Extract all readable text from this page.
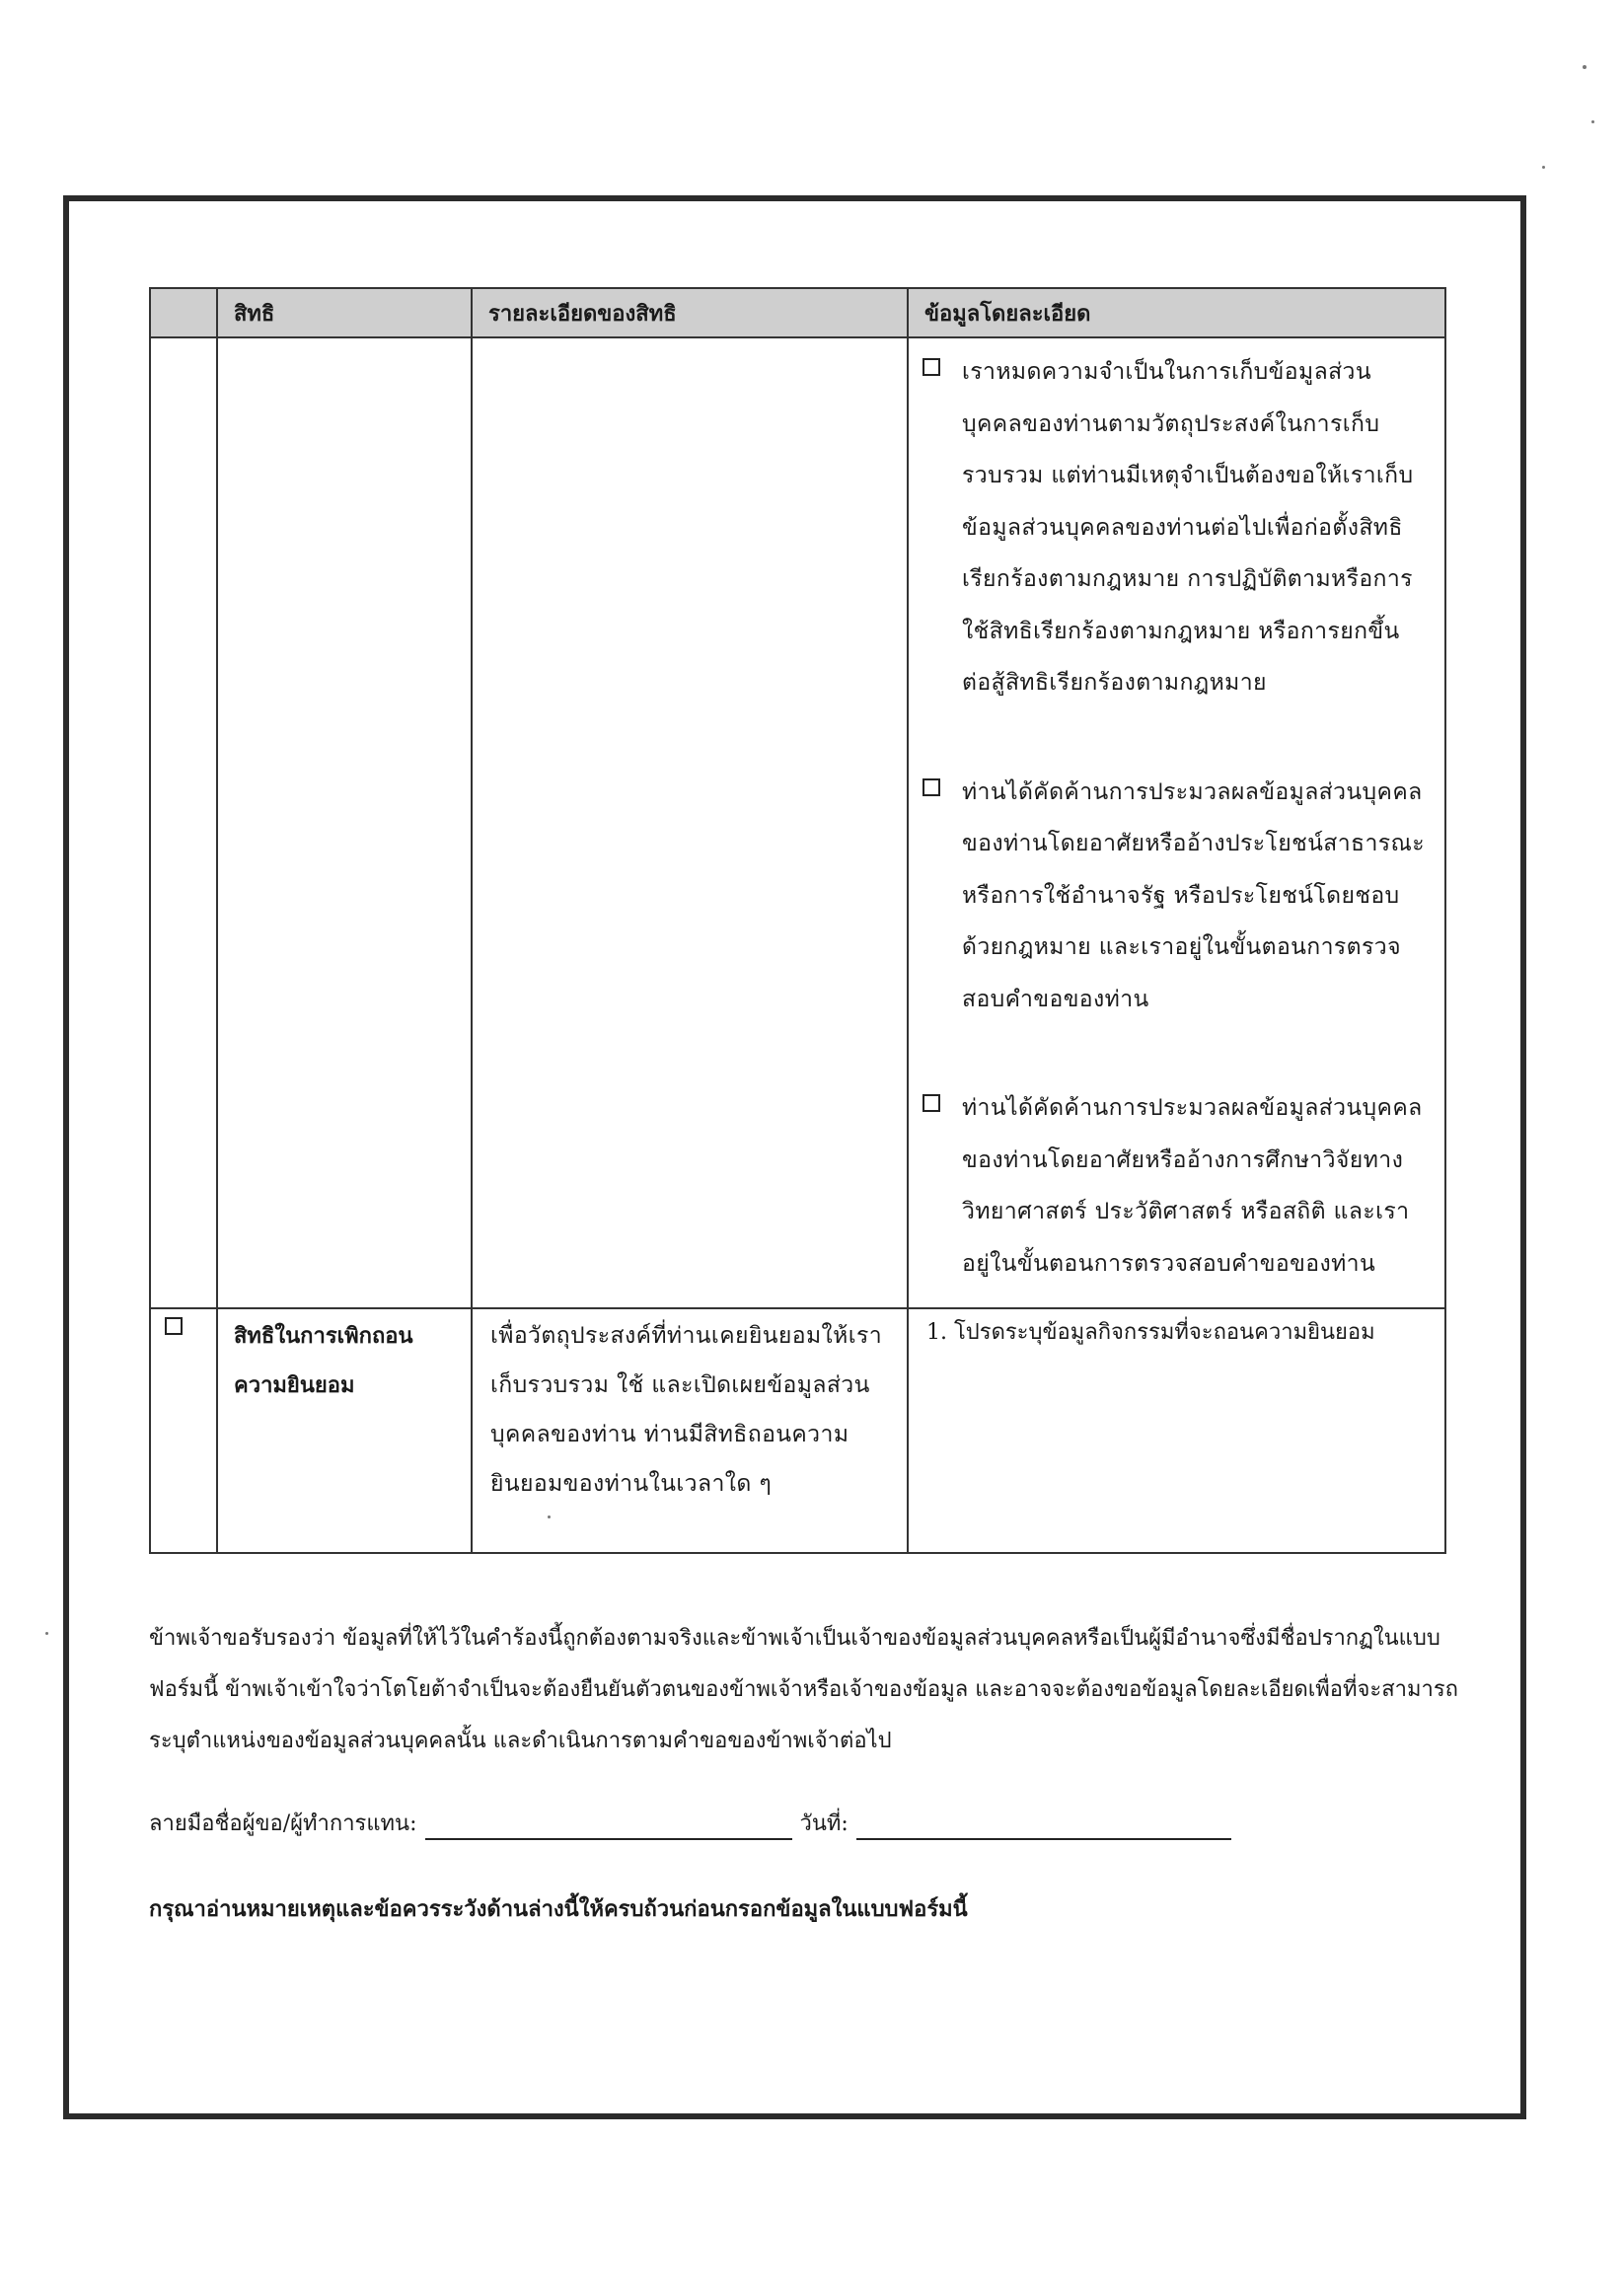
	สิทธิ	รายละเอียดของสิทธิ	ข้อมูลโดยละเอียด

			เราหมดความจำเป็นในการเก็บข้อมูลส่วนบุคคลของท่านตามวัตถุประสงค์ในการเก็บรวบรวม แต่ท่านมีเหตุจำเป็นต้องขอให้เราเก็บข้อมูลส่วนบุคคลของท่านต่อไปเพื่อก่อตั้งสิทธิเรียกร้องตามกฎหมาย การปฏิบัติตามหรือการใช้สิทธิเรียกร้องตามกฎหมาย หรือการยกขึ้นต่อสู้สิทธิเรียกร้องตามกฎหมาย
ท่านได้คัดค้านการประมวลผลข้อมูลส่วนบุคคลของท่านโดยอาศัยหรืออ้างประโยชน์สาธารณะหรือการใช้อำนาจรัฐ หรือประโยชน์โดยชอบด้วยกฎหมาย และเราอยู่ในขั้นตอนการตรวจสอบคำขอของท่าน
ท่านได้คัดค้านการประมวลผลข้อมูลส่วนบุคคลของท่านโดยอาศัยหรืออ้างการศึกษาวิจัยทางวิทยาศาสตร์ ประวัติศาสตร์ หรือสถิติ และเราอยู่ในขั้นตอนการตรวจสอบคำขอของท่าน

	สิทธิในการเพิกถอนความยินยอม	เพื่อวัตถุประสงค์ที่ท่านเคยยินยอมให้เราเก็บรวบรวม ใช้ และเปิดเผยข้อมูลส่วนบุคคลของท่าน ท่านมีสิทธิถอนความยินยอมของท่านในเวลาใด ๆ	1. โปรดระบุข้อมูลกิจกรรมที่จะถอนความยินยอม
ข้าพเจ้าขอรับรองว่า ข้อมูลที่ให้ไว้ในคำร้องนี้ถูกต้องตามจริงและข้าพเจ้าเป็นเจ้าของข้อมูลส่วนบุคคลหรือเป็นผู้มีอำนาจซึ่งมีชื่อปรากฏในแบบฟอร์มนี้ ข้าพเจ้าเข้าใจว่าโตโยต้าจำเป็นจะต้องยืนยันตัวตนของข้าพเจ้าหรือเจ้าของข้อมูล และอาจจะต้องขอข้อมูลโดยละเอียดเพื่อที่จะสามารถระบุตำแหน่งของข้อมูลส่วนบุคคลนั้น และดำเนินการตามคำขอของข้าพเจ้าต่อไป
ลายมือชื่อผู้ขอ/ผู้ทำการแทน:	วันที่:
กรุณาอ่านหมายเหตุและข้อควรระวังด้านล่างนี้ให้ครบถ้วนก่อนกรอกข้อมูลในแบบฟอร์มนี้
